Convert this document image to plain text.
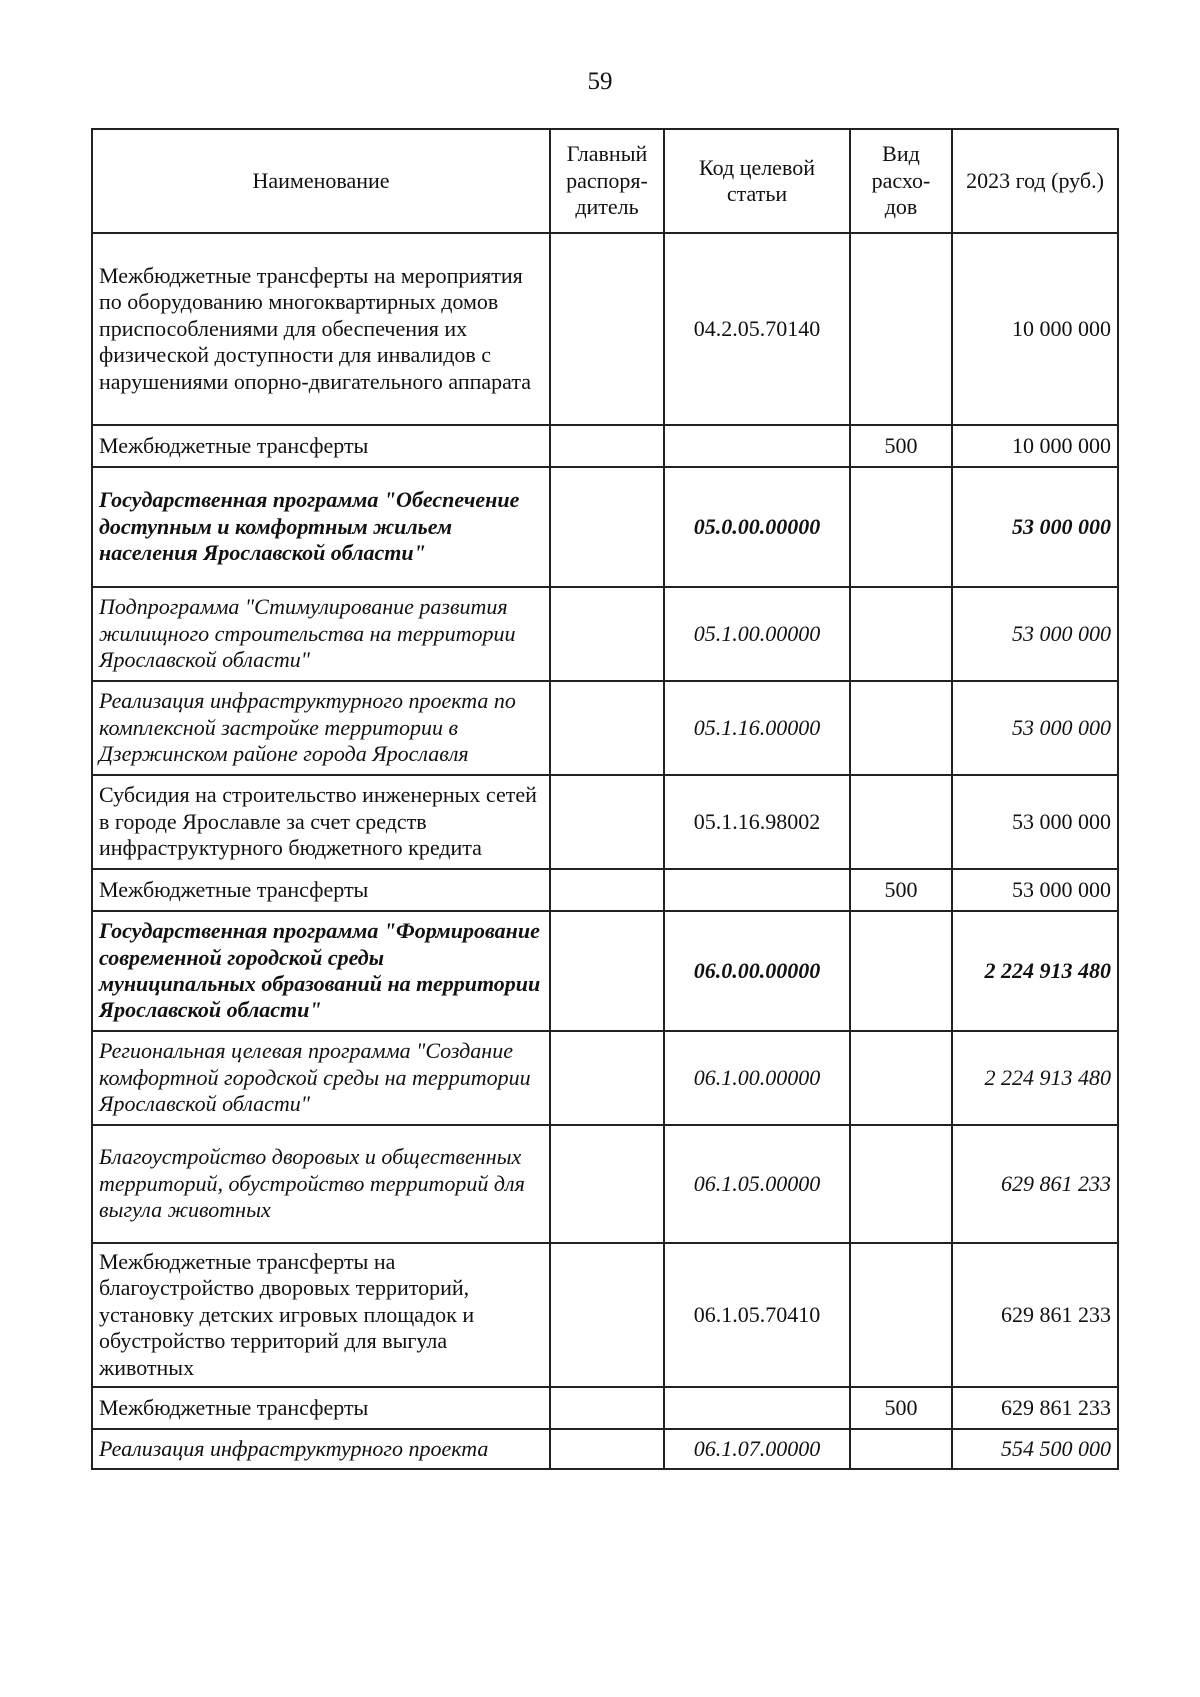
59
Наименование	Главный распоря-дитель	Код целевой статьи	Вид расхо-дов	2023 год (руб.)
Межбюджетные трансферты на мероприятия по оборудованию многоквартирных домов приспособлениями для обеспечения их физической доступности для инвалидов с нарушениями опорно-двигательного аппарата		04.2.05.70140		10 000 000
Межбюджетные трансферты			500	10 000 000
Государственная программа "Обеспечение доступным и комфортным жильем населения Ярославской области"		05.0.00.00000		53 000 000
Подпрограмма "Стимулирование развития жилищного строительства на территории Ярославской области"		05.1.00.00000		53 000 000
Реализация инфраструктурного проекта по комплексной застройке территории в Дзержинском районе города Ярославля		05.1.16.00000		53 000 000
Субсидия на строительство инженерных сетей в городе Ярославле за счет средств инфраструктурного бюджетного кредита		05.1.16.98002		53 000 000
Межбюджетные трансферты			500	53 000 000
Государственная программа "Формирование современной городской среды муниципальных образований на территории Ярославской области"		06.0.00.00000		2 224 913 480
Региональная целевая программа "Создание комфортной городской среды на территории Ярославской области"		06.1.00.00000		2 224 913 480
Благоустройство дворовых и общественных территорий, обустройство территорий для выгула животных		06.1.05.00000		629 861 233
Межбюджетные трансферты на благоустройство дворовых территорий, установку детских игровых площадок и обустройство территорий для выгула животных		06.1.05.70410		629 861 233
Межбюджетные трансферты			500	629 861 233
Реализация инфраструктурного проекта		06.1.07.00000		554 500 000
